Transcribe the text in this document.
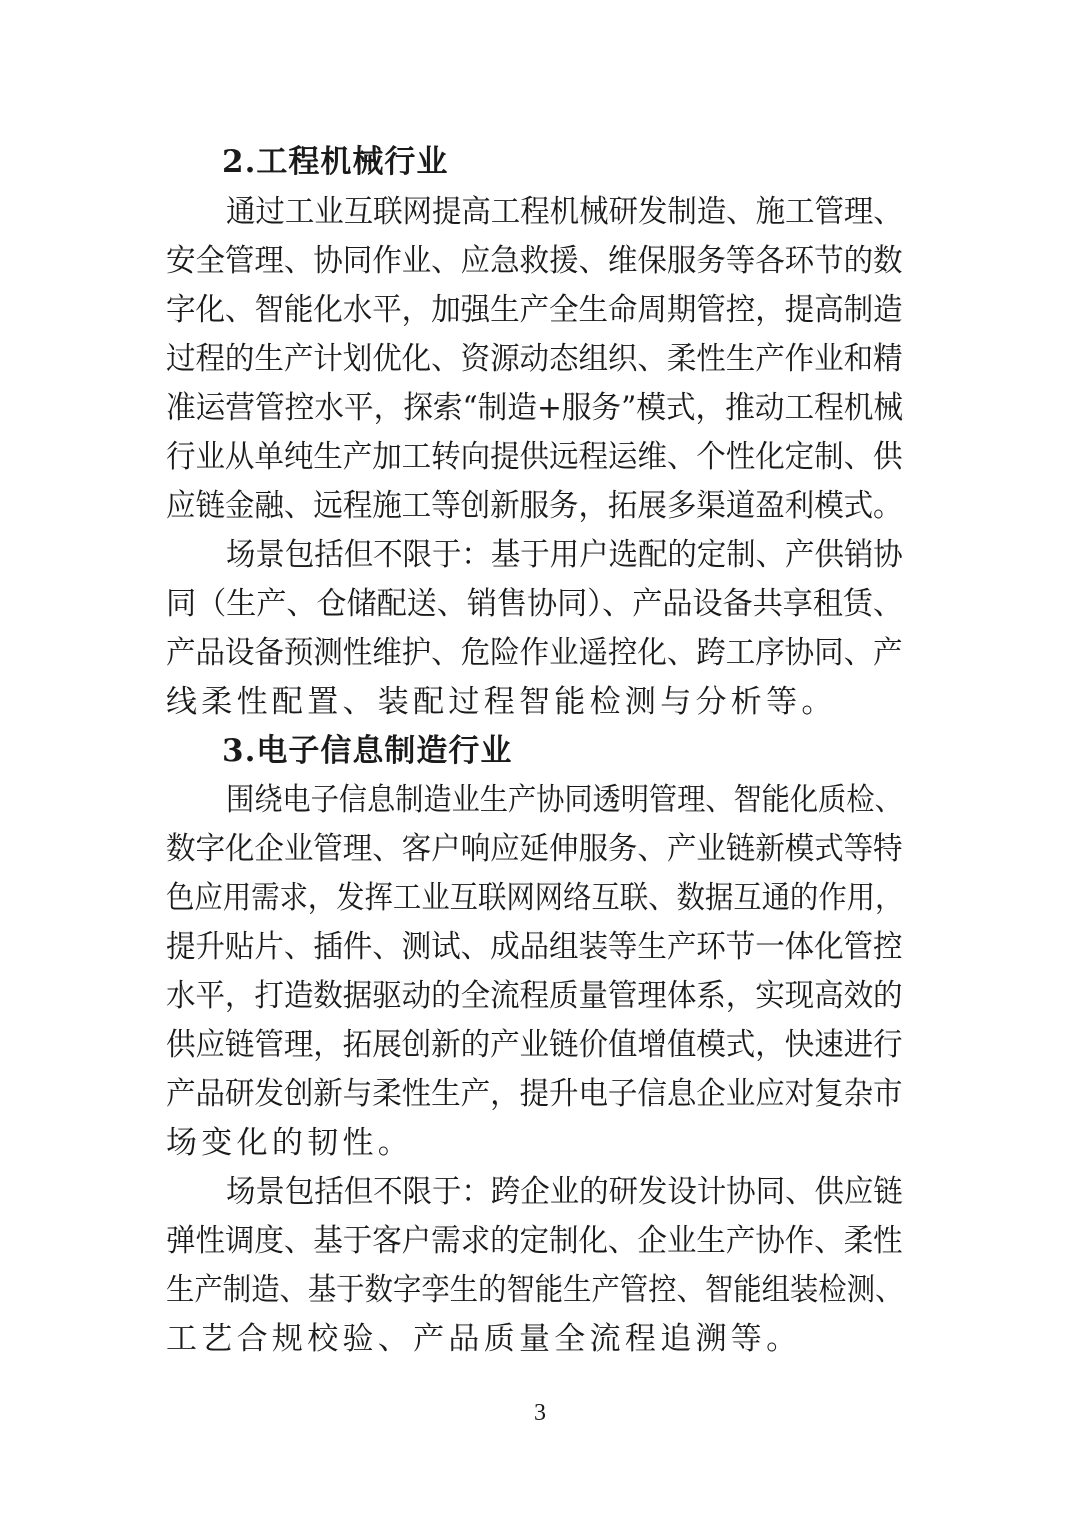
2.工程机械行业
通过工业互联网提高工程机械研发制造、施工管理、
安全管理、协同作业、应急救援、维保服务等各环节的数
字化、智能化水平，加强生产全生命周期管控，提高制造
过程的生产计划优化、资源动态组织、柔性生产作业和精
准运营管控水平，探索“制造+服务”模式，推动工程机械
行业从单纯生产加工转向提供远程运维、个性化定制、供
应链金融、远程施工等创新服务，拓展多渠道盈利模式。
场景包括但不限于：基于用户选配的定制、产供销协
同（生产、仓储配送、销售协同）、产品设备共享租赁、
产品设备预测性维护、危险作业遥控化、跨工序协同、产
线柔性配置、装配过程智能检测与分析等。
3.电子信息制造行业
围绕电子信息制造业生产协同透明管理、智能化质检、
数字化企业管理、客户响应延伸服务、产业链新模式等特
色应用需求，发挥工业互联网网络互联、数据互通的作用，
提升贴片、插件、测试、成品组装等生产环节一体化管控
水平，打造数据驱动的全流程质量管理体系，实现高效的
供应链管理，拓展创新的产业链价值增值模式，快速进行
产品研发创新与柔性生产，提升电子信息企业应对复杂市
场变化的韧性。
场景包括但不限于：跨企业的研发设计协同、供应链
弹性调度、基于客户需求的定制化、企业生产协作、柔性
生产制造、基于数字孪生的智能生产管控、智能组装检测、
工艺合规校验、产品质量全流程追溯等。
3
